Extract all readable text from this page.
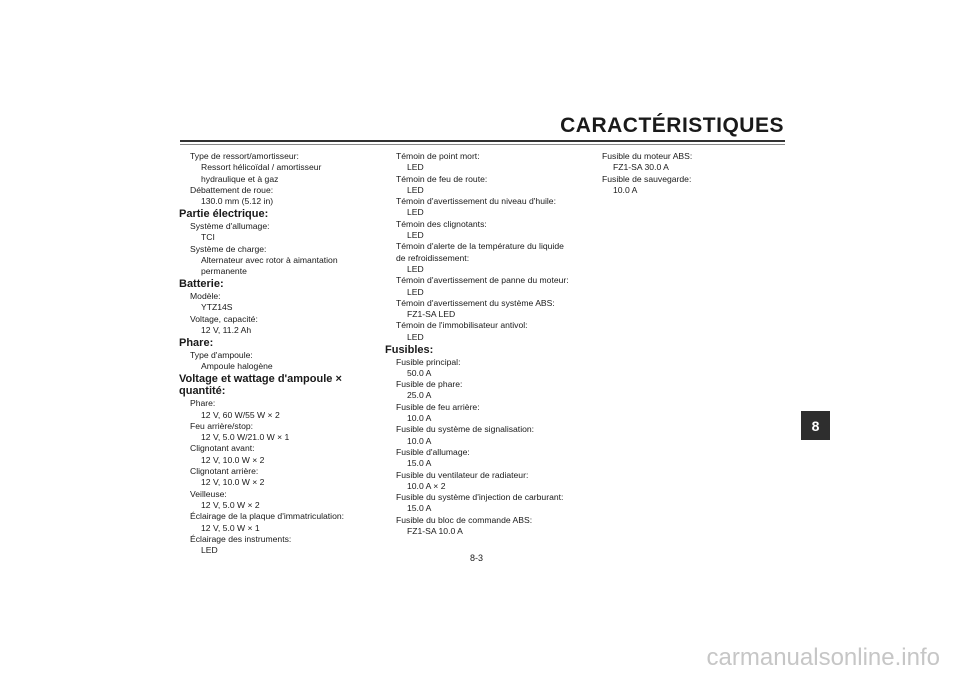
CARACTÉRISTIQUES
Type de ressort/amortisseur:
Ressort hélicoïdal / amortisseur
hydraulique et à gaz
Débattement de roue:
130.0 mm (5.12 in)
Partie électrique:
Système d'allumage:
TCI
Système de charge:
Alternateur avec rotor à aimantation
permanente
Batterie:
Modèle:
YTZ14S
Voltage, capacité:
12 V, 11.2 Ah
Phare:
Type d'ampoule:
Ampoule halogène
Voltage et wattage d'ampoule × quantité:
Phare:
12 V, 60 W/55 W × 2
Feu arrière/stop:
12 V, 5.0 W/21.0 W × 1
Clignotant avant:
12 V, 10.0 W × 2
Clignotant arrière:
12 V, 10.0 W × 2
Veilleuse:
12 V, 5.0 W × 2
Éclairage de la plaque d'immatriculation:
12 V, 5.0 W × 1
Éclairage des instruments:
LED
Témoin de point mort:
LED
Témoin de feu de route:
LED
Témoin d'avertissement du niveau d'huile:
LED
Témoin des clignotants:
LED
Témoin d'alerte de la température du liquide
de refroidissement:
LED
Témoin d'avertissement de panne du moteur:
LED
Témoin d'avertissement du système ABS:
FZ1-SA LED
Témoin de l'immobilisateur antivol:
LED
Fusibles:
Fusible principal:
50.0 A
Fusible de phare:
25.0 A
Fusible de feu arrière:
10.0 A
Fusible du système de signalisation:
10.0 A
Fusible d'allumage:
15.0 A
Fusible du ventilateur de radiateur:
10.0 A × 2
Fusible du système d'injection de carburant:
15.0 A
Fusible du bloc de commande ABS:
FZ1-SA 10.0 A
Fusible du moteur ABS:
FZ1-SA 30.0 A
Fusible de sauvegarde:
10.0 A
8
8-3
carmanualsonline.info
